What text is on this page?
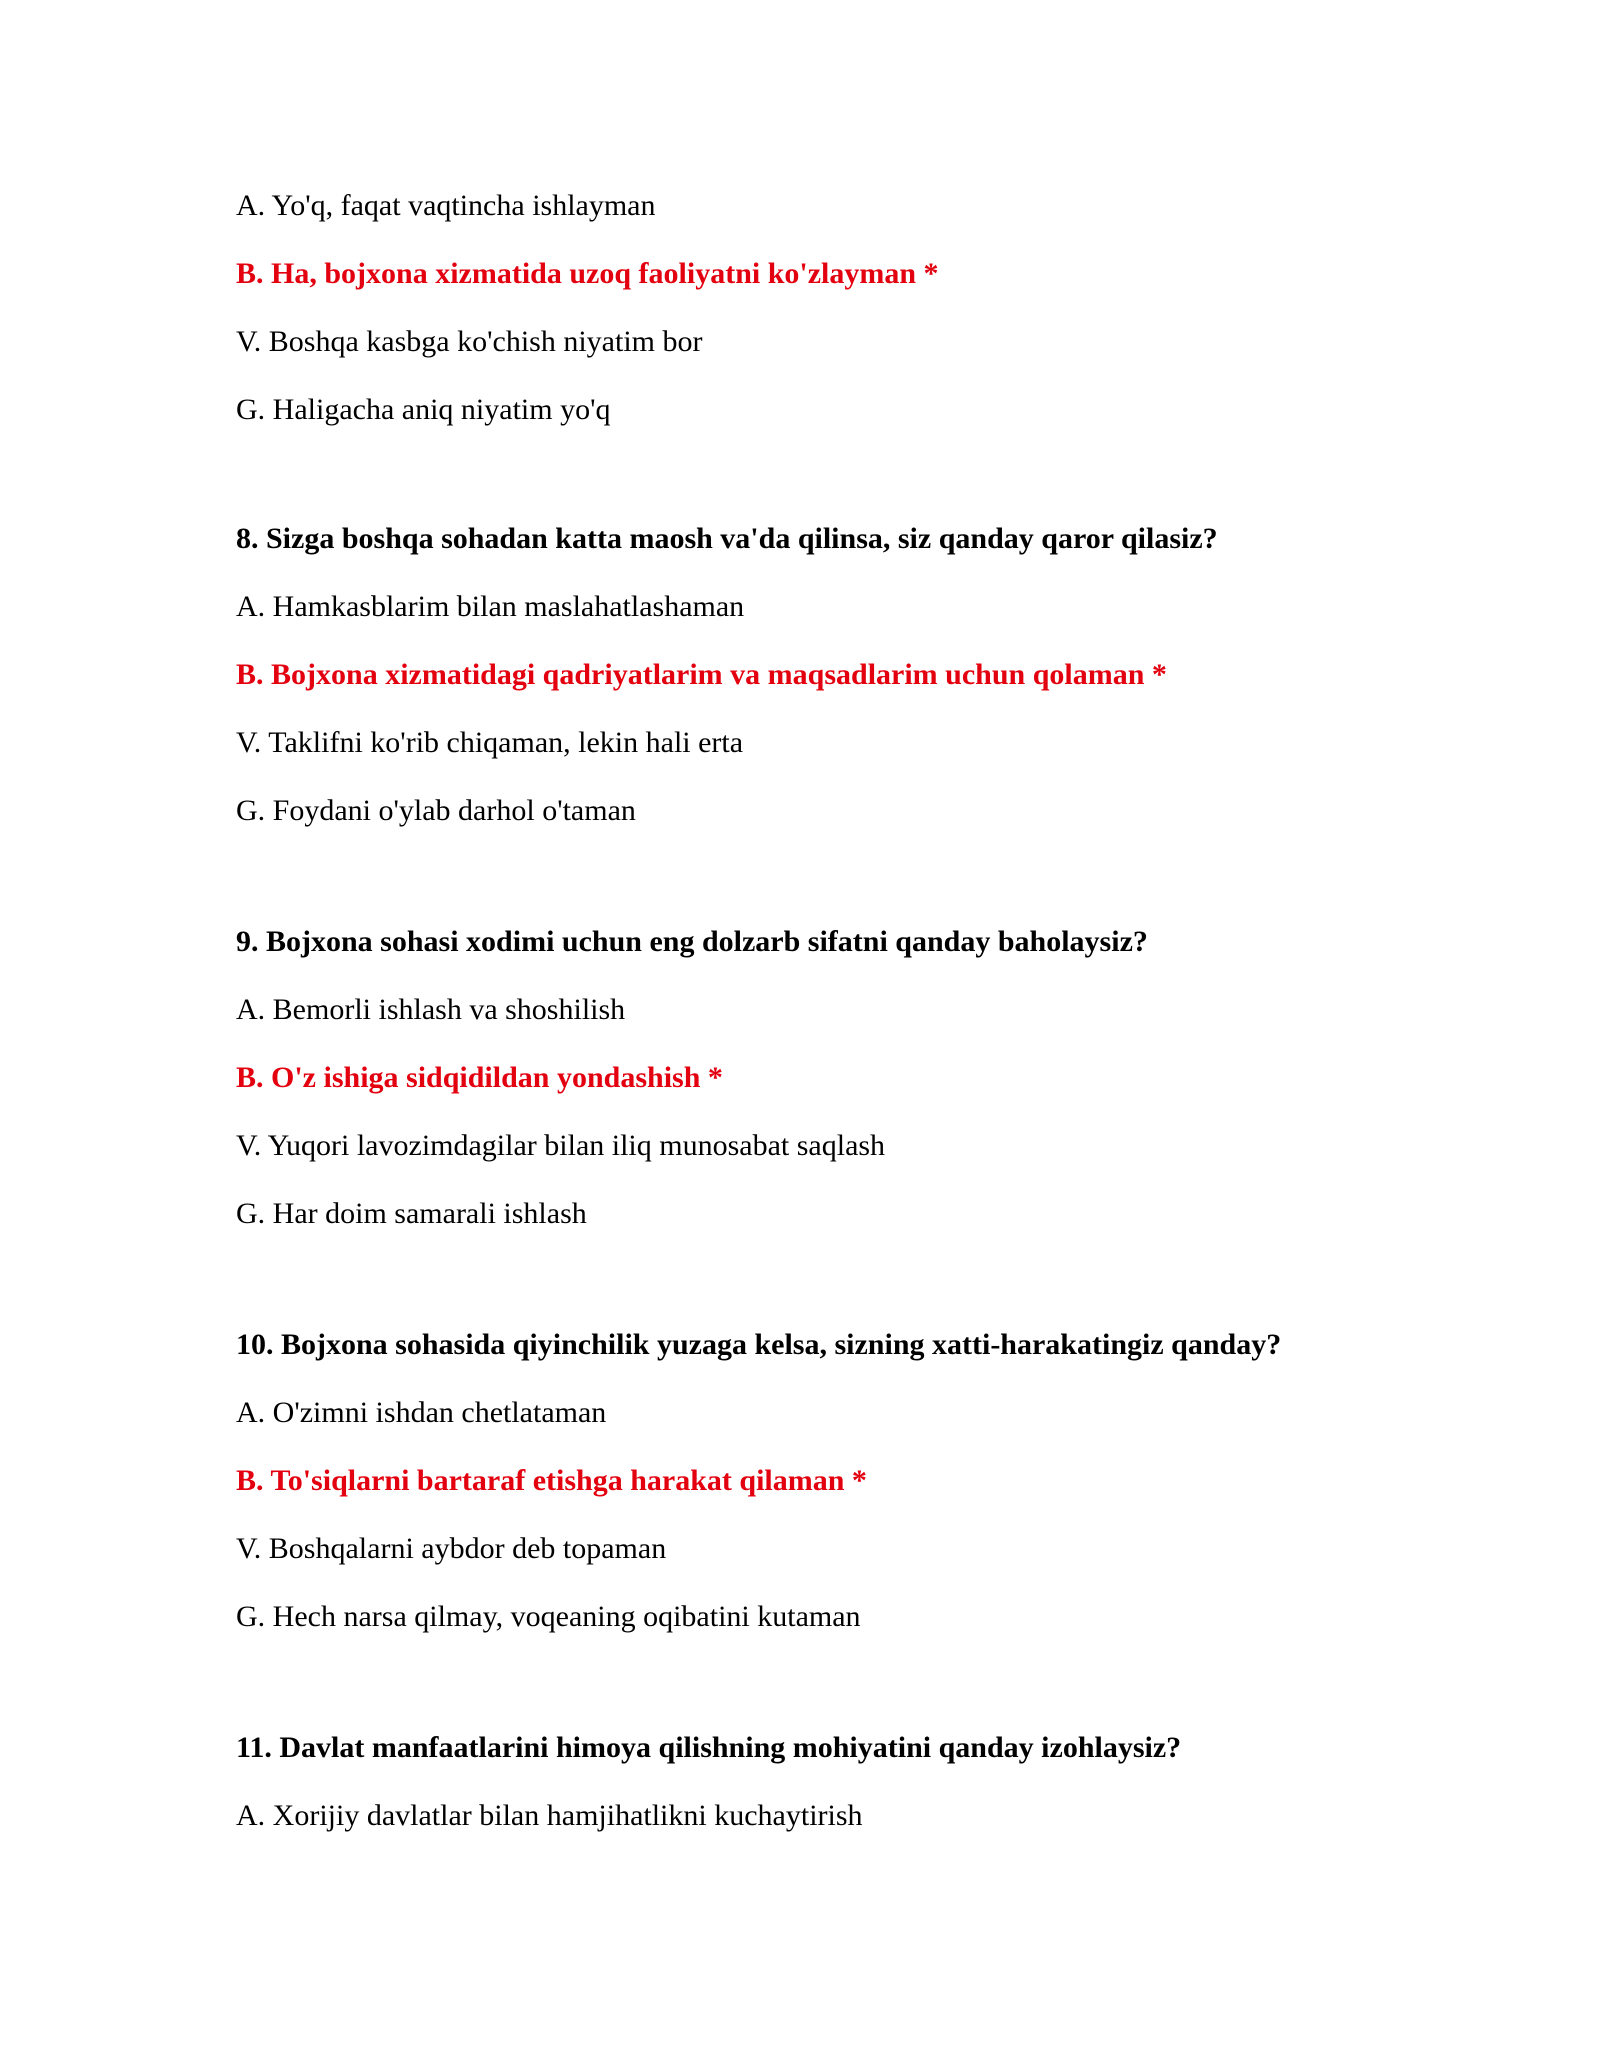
A. Yo'q, faqat vaqtincha ishlayman
B. Ha, bojxona xizmatida uzoq faoliyatni ko'zlayman *
V. Boshqa kasbga ko'chish niyatim bor
G. Haligacha aniq niyatim yo'q
8. Sizga boshqa sohadan katta maosh va'da qilinsa, siz qanday qaror qilasiz?
A. Hamkasblarim bilan maslahatlashaman
B. Bojxona xizmatidagi qadriyatlarim va maqsadlarim uchun qolaman *
V. Taklifni ko'rib chiqaman, lekin hali erta
G. Foydani o'ylab darhol o'taman
9. Bojxona sohasi xodimi uchun eng dolzarb sifatni qanday baholaysiz?
A. Bemorli ishlash va shoshilish
B. O'z ishiga sidqidildan yondashish *
V. Yuqori lavozimdagilar bilan iliq munosabat saqlash
G. Har doim samarali ishlash
10. Bojxona sohasida qiyinchilik yuzaga kelsa, sizning xatti-harakatingiz qanday?
A. O'zimni ishdan chetlataman
B. To'siqlarni bartaraf etishga harakat qilaman *
V. Boshqalarni aybdor deb topaman
G. Hech narsa qilmay, voqeaning oqibatini kutaman
11. Davlat manfaatlarini himoya qilishning mohiyatini qanday izohlaysiz?
A. Xorijiy davlatlar bilan hamjihatlikni kuchaytirish
